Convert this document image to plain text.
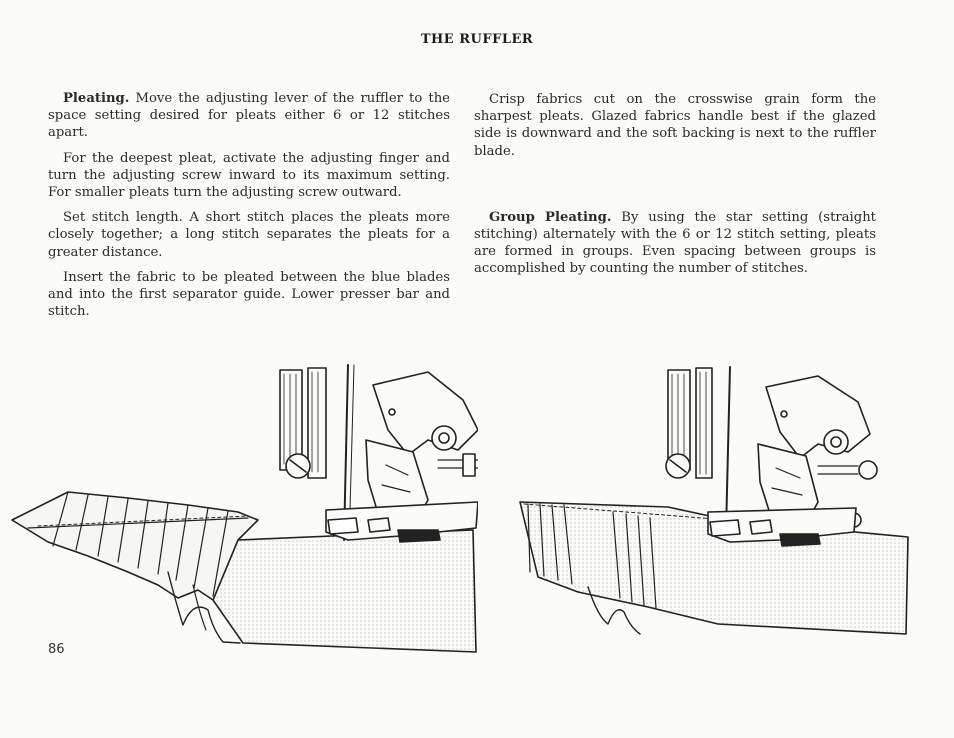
THE RUFFLER

Pleating. Move the adjusting lever of the ruffler to the space setting desired for pleats either 6 or 12 stitches apart.

For the deepest pleat, activate the adjusting finger and turn the adjusting screw inward to its maximum setting. For smaller pleats turn the adjusting screw outward.

Set stitch length. A short stitch places the pleats more closely together; a long stitch separates the pleats for a greater distance.

Insert the fabric to be pleated between the blue blades and into the first separator guide. Lower presser bar and stitch.

Crisp fabrics cut on the crosswise grain form the sharpest pleats. Glazed fabrics handle best if the glazed side is downward and the soft backing is next to the ruffler blade.

Group Pleating. By using the star setting (straight stitching) alternately with the 6 or 12 stitch setting, pleats are formed in groups. Even spacing between groups is accomplished by counting the number of stitches.

86
